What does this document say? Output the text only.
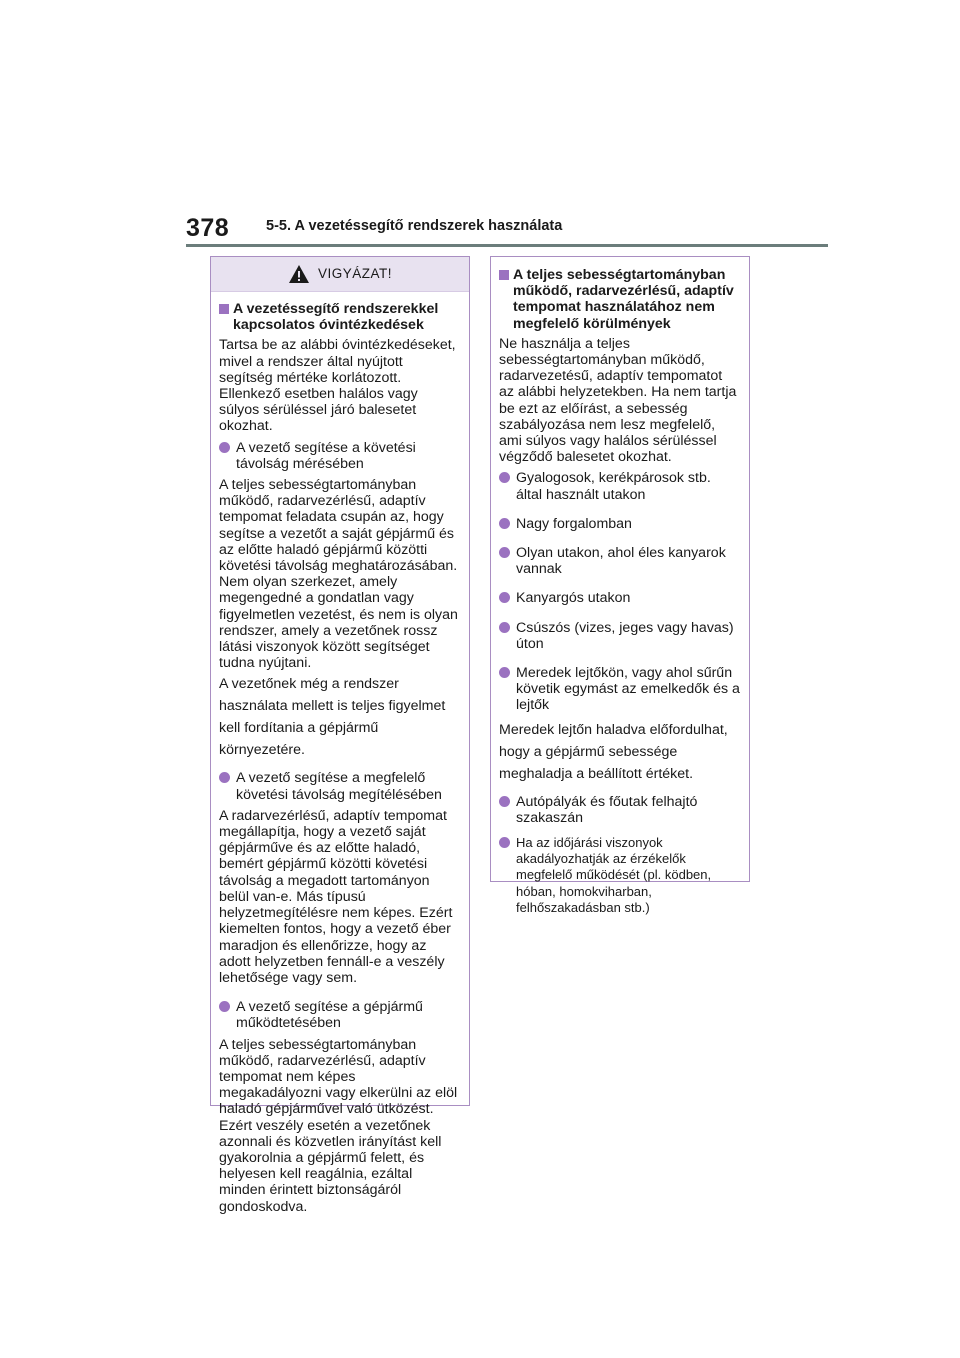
378	5-5. A vezetéssegítő rendszerek használata
VIGYÁZAT!
A vezetéssegítő rendszerekkel kapcsolatos óvintézkedések
Tartsa be az alábbi óvintézkedéseket, mivel a rendszer által nyújtott segítség mértéke korlátozott. Ellenkező esetben halálos vagy súlyos sérüléssel járó balesetet okozhat.
A vezető segítése a követési távolság mérésében
A teljes sebességtartományban működő, radarvezérlésű, adaptív tempomat feladata csupán az, hogy segítse a vezetőt a saját gépjármű és az előtte haladó gépjármű közötti követési távolság meghatározásában. Nem olyan szerkezet, amely megengedné a gondatlan vagy figyelmetlen vezetést, és nem is olyan rendszer, amely a vezetőnek rossz látási viszonyok között segítséget tudna nyújtani.
A vezetőnek még a rendszer használata mellett is teljes figyelmet kell fordítania a gépjármű környezetére.
A vezető segítése a megfelelő követési távolság megítélésében
A radarvezérlésű, adaptív tempomat megállapítja, hogy a vezető saját gépjárműve és az előtte haladó, bemért gépjármű közötti követési távolság a megadott tartományon belül van-e. Más típusú helyzetmegítélésre nem képes. Ezért kiemelten fontos, hogy a vezető éber maradjon és ellenőrizze, hogy az adott helyzetben fennáll-e a veszély lehetősége vagy sem.
A vezető segítése a gépjármű működtetésében
A teljes sebességtartományban működő, radarvezérlésű, adaptív tempomat nem képes megakadályozni vagy elkerülni az elöl haladó gépjárművel való ütközést. Ezért veszély esetén a vezetőnek azonnali és közvetlen irányítást kell gyakorolnia a gépjármű felett, és helyesen kell reagálnia, ezáltal minden érintett biztonságáról gondoskodva.
A teljes sebességtartományban működő, radarvezérlésű, adaptív tempomat használatához nem megfelelő körülmények
Ne használja a teljes sebességtartományban működő, radarvezetésű, adaptív tempomatot az alábbi helyzetekben. Ha nem tartja be ezt az előírást, a sebesség szabályozása nem lesz megfelelő, ami súlyos vagy halálos sérüléssel végződő balesetet okozhat.
Gyalogosok, kerékpárosok stb. által használt utakon
Nagy forgalomban
Olyan utakon, ahol éles kanyarok vannak
Kanyargós utakon
Csúszós (vizes, jeges vagy havas) úton
Meredek lejtőkön, vagy ahol sűrűn követik egymást az emelkedők és a lejtők
Meredek lejtőn haladva előfordulhat, hogy a gépjármű sebessége meghaladja a beállított értéket.
Autópályák és főutak felhajtó szakaszán
Ha az időjárási viszonyok akadályozhatják az érzékelők megfelelő működését (pl. ködben, hóban, homokviharban, felhőszakadásban stb.)
